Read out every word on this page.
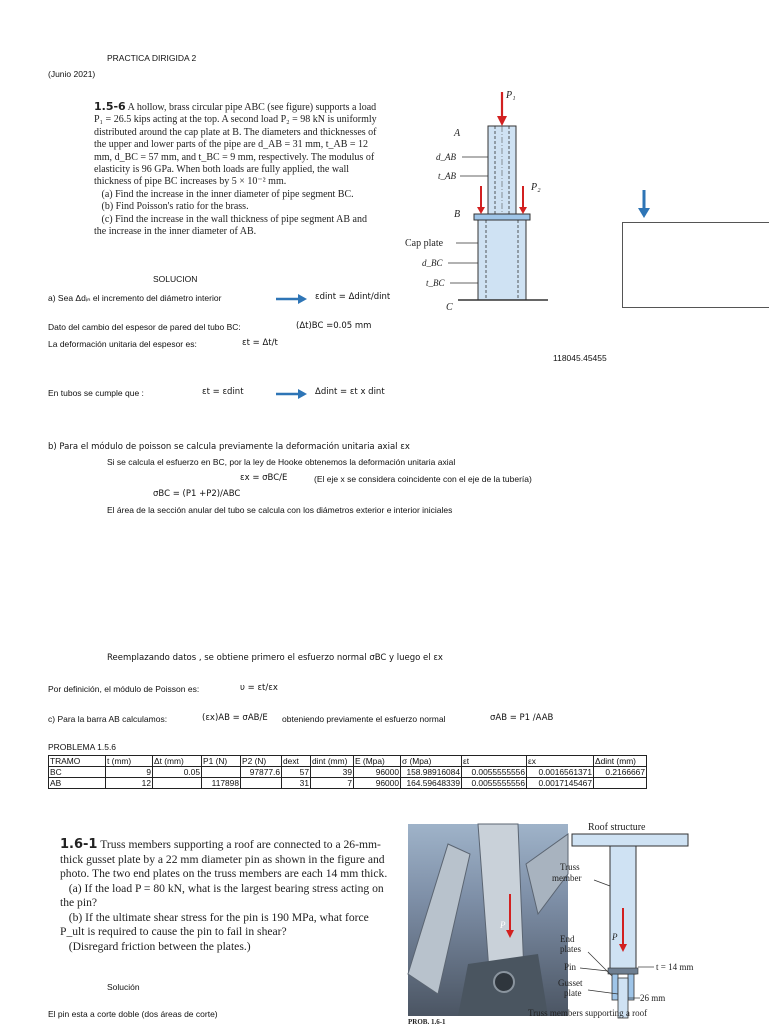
PRACTICA DIRIGIDA 2
(Junio 2021)
1.5-6 A hollow, brass circular pipe ABC (see figure) supports a load P₁ = 26.5 kips acting at the top. A second load P₂ = 98 kN is uniformly distributed around the cap plate at B. The diameters and thicknesses of the upper and lower parts of the pipe are d_AB = 31 mm, t_AB = 12 mm, d_BC = 57 mm, and t_BC = 9 mm, respectively. The modulus of elasticity is 96 GPa. When both loads are fully applied, the wall thickness of pipe BC increases by 5 × 10⁻² mm.
(a) Find the increase in the inner diameter of pipe segment BC.
(b) Find Poisson's ratio for the brass.
(c) Find the increase in the wall thickness of pipe segment AB and the increase in the inner diameter of AB.
SOLUCION
P₁
P₂
A
B
C
d_AB
t_AB
Cap plate
d_BC
t_BC
a) Sea Δdᵢₙ el incremento del diámetro interior	εdint = Δdint/dint
Dato del cambio del espesor de pared del tubo BC:	(Δt)BC =0.05 mm
La deformación unitaria del espesor es:	εt = Δt/t
118045.45455
En tubos se cumple que :	εt = εdint	Δdint = εt x dint
b) Para el módulo de poisson se calcula previamente la deformación unitaria axial εx
Si se calcula el esfuerzo en BC, por la ley de Hooke obtenemos la deformación unitaria axial
εx = σBC/E	(El eje x se considera coincidente con el eje de la tubería)
σBC = (P1 +P2)/ABC
El área de la sección anular del tubo se calcula con los diámetros exterior e interior iniciales
Reemplazando datos , se obtiene primero el esfuerzo normal σBC y luego el εx
Por definición, el módulo de Poisson es:	υ = εt/εx
c) Para la barra AB calculamos:	(εx)AB = σAB/E obteniendo previamente el esfuerzo normal	σAB = P1 /AAB
PROBLEMA 1.5.6
TRAMO	t (mm)	Δt (mm)	P1 (N)	P2 (N)	dext	dint (mm)	E (Mpa)	σ (Mpa)	εt	εx	Δdint (mm)
BC	9	0.05		97877.6	57	39	96000	158.98916084	0.0055555556	0.0016561371	0.2166667
AB	12		117898		31	7	96000	164.59648339	0.0055555556	0.0017145467	
1.6-1 Truss members supporting a roof are connected to a 26-mm-thick gusset plate by a 22 mm diameter pin as shown in the figure and photo. The two end plates on the truss members are each 14 mm thick.
(a) If the load P = 80 kN, what is the largest bearing stress acting on the pin?
(b) If the ultimate shear stress for the pin is 190 MPa, what force P_ult is required to cause the pin to fail in shear?
(Disregard friction between the plates.)
Solución
El pin esta a corte doble (dos áreas de corte)
P
PROB. 1.6-1
Roof structure
Truss
member
P
End
plates
Pin
Gusset
plate
t = 14 mm
26 mm
Truss members supporting a roof
